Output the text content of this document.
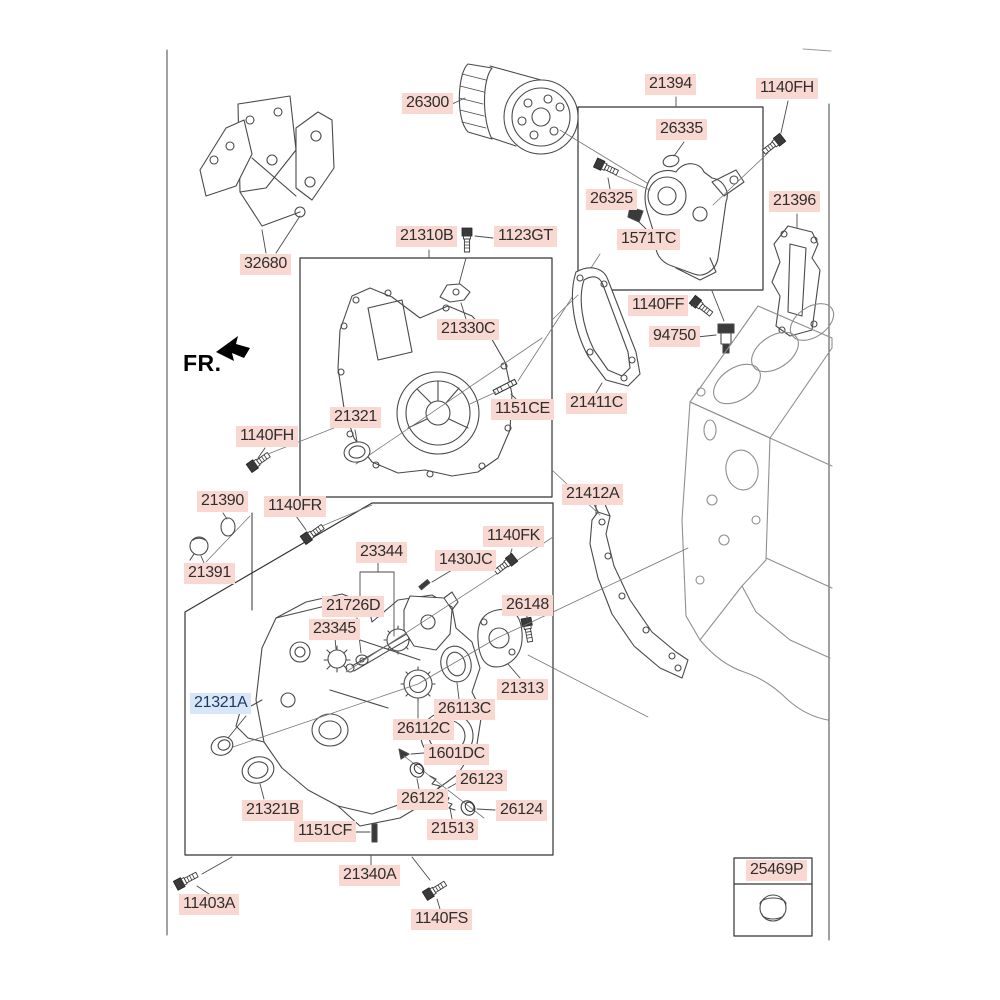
26300
21394	1140FH
26335
26325
1571TC
21396
21310B	1123GT
21330C
1140FF
94750
21411C
1151CE
21321
1140FH
21412A
21390 1140FR
21391
23344 1430JC
1140FK
26148
21726D
23345
26113C
26112C
21313
21321A
1601DC
26122
26123
26124
21513
21321B
1151CF
21340A
11403A
1140FS
32680
25469P
FR.
